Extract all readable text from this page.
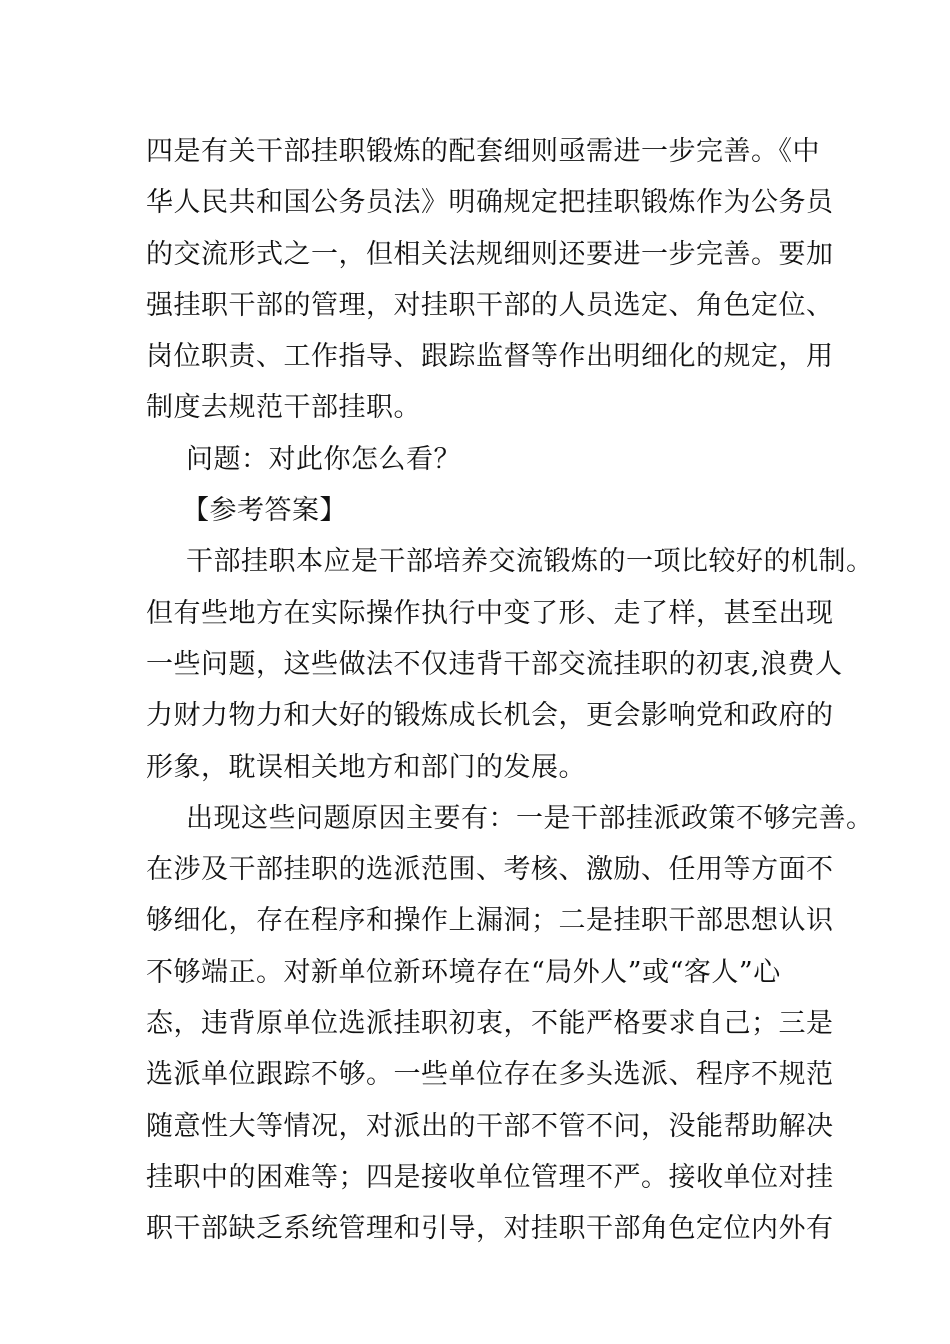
四是有关干部挂职锻炼的配套细则亟需进一步完善。《中
华人民共和国公务员法》明确规定把挂职锻炼作为公务员
的交流形式之一，但相关法规细则还要进一步完善。要加
强挂职干部的管理，对挂职干部的人员选定、角色定位、
岗位职责、工作指导、跟踪监督等作出明细化的规定，用
制度去规范干部挂职。
问题：对此你怎么看？
【参考答案】
干部挂职本应是干部培养交流锻炼的一项比较好的机制。
但有些地方在实际操作执行中变了形、走了样，甚至出现
一些问题，这些做法不仅违背干部交流挂职的初衷,浪费人
力财力物力和大好的锻炼成长机会，更会影响党和政府的
形象，耽误相关地方和部门的发展。
出现这些问题原因主要有：一是干部挂派政策不够完善。
在涉及干部挂职的选派范围、考核、激励、任用等方面不
够细化，存在程序和操作上漏洞；二是挂职干部思想认识
不够端正。对新单位新环境存在“局外人”或“客人”心
态，违背原单位选派挂职初衷，不能严格要求自己；三是
选派单位跟踪不够。一些单位存在多头选派、程序不规范
随意性大等情况，对派出的干部不管不问，没能帮助解决
挂职中的困难等；四是接收单位管理不严。接收单位对挂
职干部缺乏系统管理和引导，对挂职干部角色定位内外有
